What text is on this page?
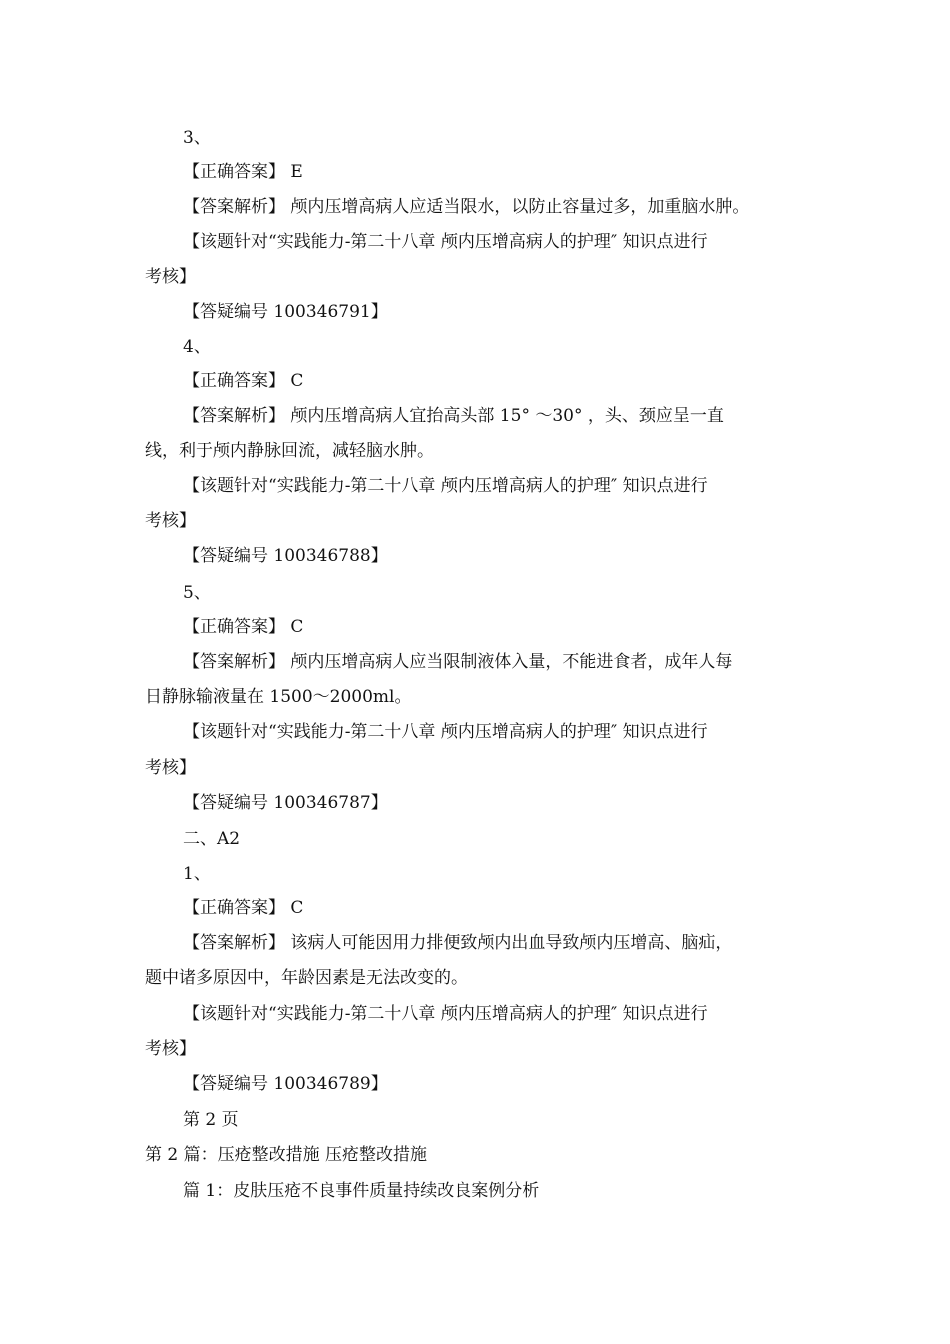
3、
【正确答案】 E
【答案解析】 颅内压增高病人应适当限水，以防止容量过多，加重脑水肿。
【该题针对“实践能力-第二十八章 颅内压增高病人的护理″ 知识点进行
考核】
【答疑编号 100346791】
4、
【正确答案】 C
【答案解析】 颅内压增高病人宜抬高头部 15° ～30° ，头、颈应呈一直
线，利于颅内静脉回流，减轻脑水肿。
【该题针对“实践能力-第二十八章 颅内压增高病人的护理″ 知识点进行
考核】
【答疑编号 100346788】
5、
【正确答案】 C
【答案解析】 颅内压增高病人应当限制液体入量，不能进食者，成年人每
日静脉输液量在 1500～2000ml。
【该题针对“实践能力-第二十八章 颅内压增高病人的护理″ 知识点进行
考核】
【答疑编号 100346787】
二、A2
1、
【正确答案】 C
【答案解析】 该病人可能因用力排便致颅内出血导致颅内压增高、脑疝，
题中诸多原因中，年龄因素是无法改变的。
【该题针对“实践能力-第二十八章 颅内压增高病人的护理″ 知识点进行
考核】
【答疑编号 100346789】
第 2 页
第 2 篇：压疮整改措施 压疮整改措施
篇 1：皮肤压疮不良事件质量持续改良案例分析
